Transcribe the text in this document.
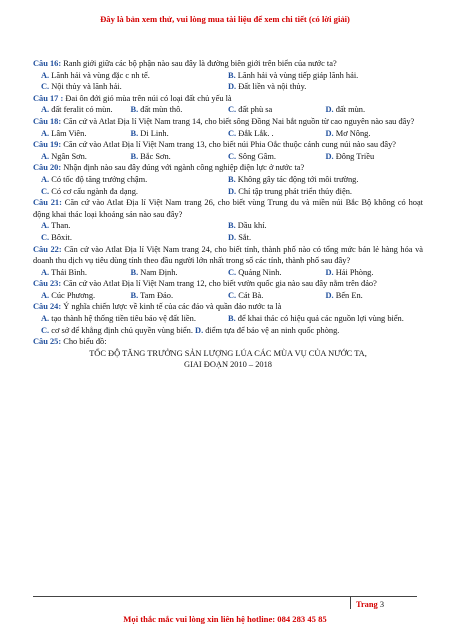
Đây là bản xem thử, vui lòng mua tài liệu để xem chi tiết (có lời giải)

Câu 16: Ranh giới giữa các bộ phận nào sau đây là đường biên giới trên biển của nước ta?

A. Lãnh hải và vùng đặc c nh tế.	B. Lãnh hải và vùng tiếp giáp lãnh hải.
C. Nội thủy và lãnh hải.	D. Đất liền và nội thủy.

Câu 17 : Đai ôn đới gió mùa trên núi có loại đất chủ yếu là

A. đất feralit có mùn.	B. đất mùn thô.	C. đất phù sa	D. đất mùn.

Câu 18: Căn cứ và Atlat Địa lí Việt Nam trang 14, cho biết sông Đồng Nai bắt nguồn từ cao nguyên nào sau đây?

A. Lâm Viên.	B. Di Linh.	C. Đắk Lắk. .	D. Mơ Nông.

Câu 19: Căn cứ vào Atlat Địa lí Việt Nam trang 13, cho biết núi Phia Oắc thuộc cánh cung núi nào sau đây?

A. Ngân Sơn.	B. Bắc Sơn.	C. Sông Gâm.	D. Đông Triều

Câu 20: Nhận định nào sau đây đúng với ngành công nghiệp điện lực ở nước ta?

A. Có tốc độ tăng trưởng chậm.	B. Không gây tác động tới môi trường.
C. Có cơ cấu ngành đa dạng.	D. Chỉ tập trung phát triển thủy điện.

Câu 21: Căn cứ vào Atlat Địa lí Việt Nam trang 26, cho biết vùng Trung du và miền núi Bắc Bộ không có hoạt động khai thác loại khoáng sản nào sau đây?

A. Than.	B. Dầu khí.
C. Bôxit.	D. Sắt.

Câu 22: Căn cứ vào Atlat Địa lí Việt Nam trang 24, cho biết tỉnh, thành phố nào có tổng mức bán lẻ hàng hóa và doanh thu dịch vụ tiêu dùng tính theo đầu người lớn nhất trong số các tỉnh, thành phố sau đây?

A. Thái Bình.	B. Nam Định.	C. Quảng Ninh.	D. Hải Phòng.

Câu 23: Căn cứ vào Atlat Địa lí Việt Nam trang 12, cho biết vườn quốc gia nào sau đây nằm trên đảo?

A. Cúc Phương.	B. Tam Đảo.	C. Cát Bà.	D. Bến En.

Câu 24: Ý nghĩa chiến lược về kinh tế của các đảo và quần đảo nước ta là

A. tạo thành hệ thống tiền tiêu bảo vệ đất liền.	B. để khai thác có hiệu quả các nguồn lợi vùng biển.

C. cơ sở để khẳng định chủ quyền vùng biển. D. điểm tựa để bảo vệ an ninh quốc phòng.

Câu 25: Cho biểu đồ:

TỐC ĐỘ TĂNG TRƯỞNG SẢN LƯỢNG LÚA CÁC MÙA VỤ CỦA NƯỚC TA,

GIAI ĐOẠN 2010 – 2018

Trang 3
Mọi thắc mắc vui lòng xin liên hệ hotline: 084 283 45 85
